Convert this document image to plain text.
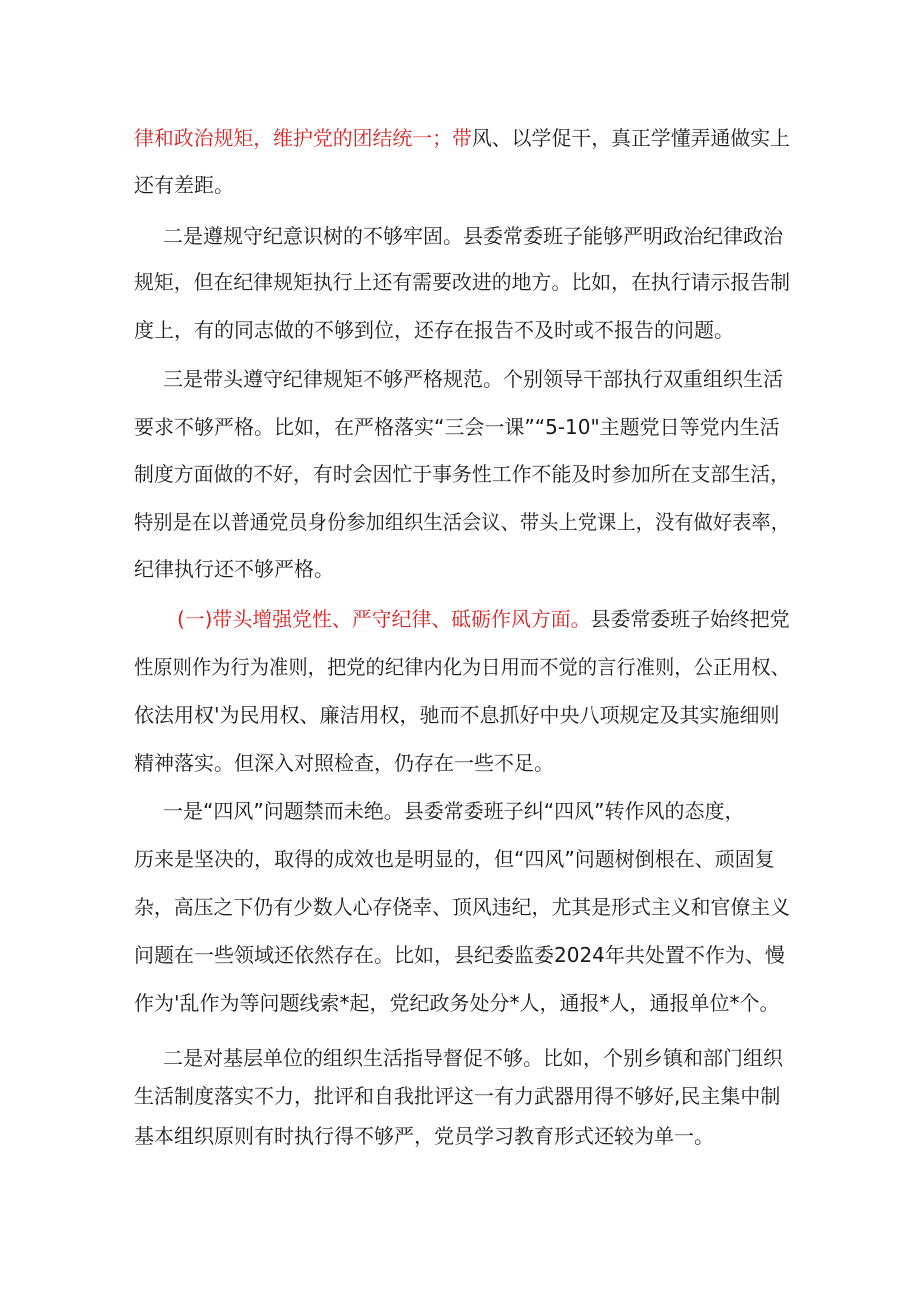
律和政治规矩，维护党的团结统一；带风、以学促干，真正学懂弄通做实上
还有差距。
二是遵规守纪意识树的不够牢固。县委常委班子能够严明政治纪律政治
规矩，但在纪律规矩执行上还有需要改进的地方。比如，在执行请示报告制
度上，有的同志做的不够到位，还存在报告不及时或不报告的问题。
三是带头遵守纪律规矩不够严格规范。个别领导干部执行双重组织生活
要求不够严格。比如，在严格落实“三会一课”“5-10"主题党日等党内生活
制度方面做的不好，有时会因忙于事务性工作不能及时参加所在支部生活，
特别是在以普通党员身份参加组织生活会议、带头上党课上，没有做好表率，
纪律执行还不够严格。
(一)带头增强党性、严守纪律、砥砺作风方面。县委常委班子始终把党
性原则作为行为准则，把党的纪律内化为日用而不觉的言行准则，公正用权、
依法用权'为民用权、廉洁用权，驰而不息抓好中央八项规定及其实施细则
精神落实。但深入对照检查，仍存在一些不足。
一是“四风”问题禁而未绝。县委常委班子纠“四风”转作风的态度，
历来是坚决的，取得的成效也是明显的，但“四风”问题树倒根在、顽固复
杂，高压之下仍有少数人心存侥幸、顶风违纪，尤其是形式主义和官僚主义
问题在一些领域还依然存在。比如，县纪委监委2024年共处置不作为、慢
作为'乱作为等问题线索*起，党纪政务处分*人，通报*人，通报单位*个。
二是对基层单位的组织生活指导督促不够。比如，个别乡镇和部门组织
生活制度落实不力，批评和自我批评这一有力武器用得不够好,民主集中制
基本组织原则有时执行得不够严，党员学习教育形式还较为单一。
